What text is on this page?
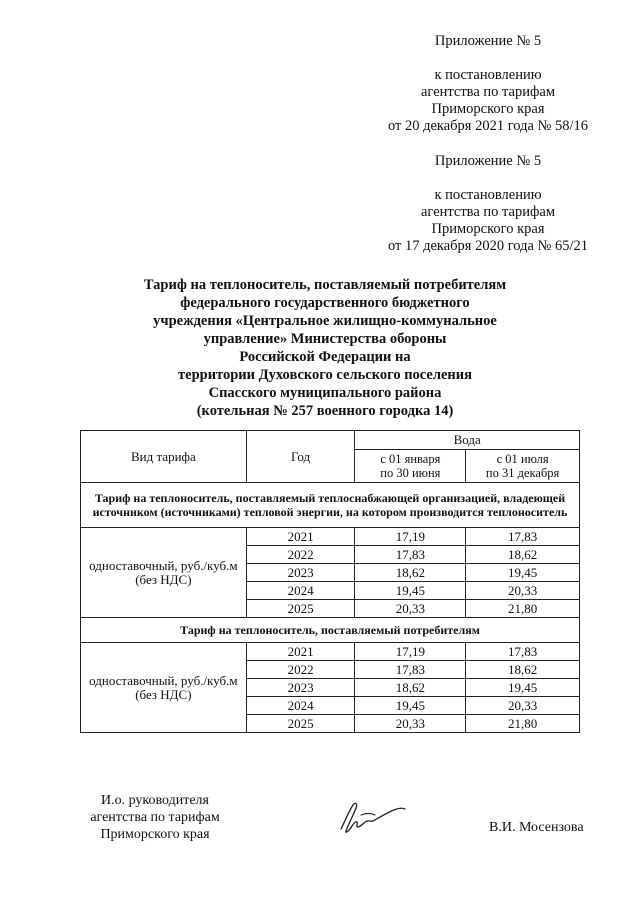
Приложение № 5
к постановлению
агентства по тарифам
Приморского края
от 20 декабря 2021 года № 58/16
Приложение № 5
к постановлению
агентства по тарифам
Приморского края
от 17 декабря 2020 года № 65/21
Тариф на теплоноситель, поставляемый потребителям
федерального государственного бюджетного
учреждения «Центральное жилищно-коммунальное
управление» Министерства обороны
Российской Федерации на
территории Духовского сельского поселения
Спасского муниципального района
(котельная № 257 военного городка 14)
Вид тарифа	Год	Вода	
		с 01 января
по 30 июня	с 01 июля
по 31 декабря
Тариф на теплоноситель, поставляемый теплоснабжающей организацией, владеющей источником (источниками) тепловой энергии, на котором производится теплоноситель			
одноставочный, руб./куб.м
(без НДС)	2021	17,19	17,83
	2022	17,83	18,62
	2023	18,62	19,45
	2024	19,45	20,33
	2025	20,33	21,80
Тариф на теплоноситель, поставляемый потребителям			
одноставочный, руб./куб.м
(без НДС)	2021	17,19	17,83
	2022	17,83	18,62
	2023	18,62	19,45
	2024	19,45	20,33
	2025	20,33	21,80
И.о. руководителя
агентства по тарифам
Приморского края	В.И. Мосензова
